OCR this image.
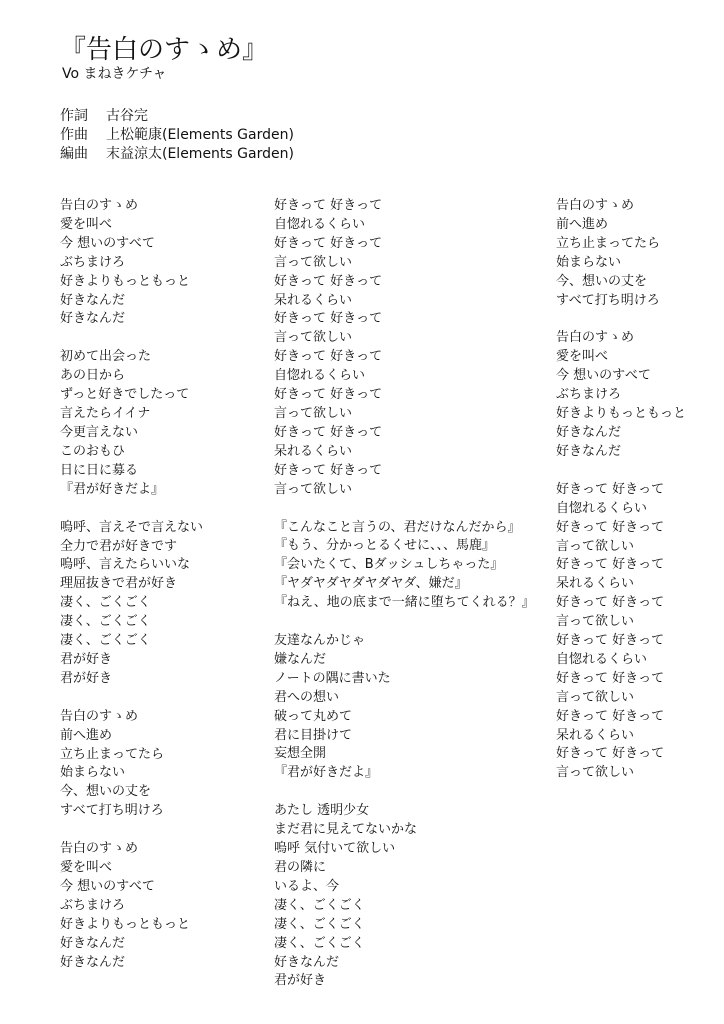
『告白のすゝめ』
Vo まねきケチャ
作詞 古谷完
作曲 上松範康(Elements Garden)
編曲 末益涼太(Elements Garden)
告白のすゝめ
愛を叫べ
今 想いのすべて
ぶちまけろ
好きよりもっともっと
好きなんだ
好きなんだ
初めて出会った
あの日から
ずっと好きでしたって
言えたらイイナ
今更言えない
このおもひ
日に日に募る
『君が好きだよ』
嗚呼、言えそで言えない
全力で君が好きです
嗚呼、言えたらいいな
理屈抜きで君が好き
凄く、ごくごく
凄く、ごくごく
凄く、ごくごく
君が好き
君が好き
告白のすゝめ
前へ進め
立ち止まってたら
始まらない
今、想いの丈を
すべて打ち明けろ
告白のすゝめ
愛を叫べ
今 想いのすべて
ぶちまけろ
好きよりもっともっと
好きなんだ
好きなんだ
好きって 好きって
自惚れるくらい
好きって 好きって
言って欲しい
好きって 好きって
呆れるくらい
好きって 好きって
言って欲しい
好きって 好きって
自惚れるくらい
好きって 好きって
言って欲しい
好きって 好きって
呆れるくらい
好きって 好きって
言って欲しい
『こんなこと言うの、君だけなんだから』
『もう、分かっとるくせに、、、馬鹿』
『会いたくて、Bダッシュしちゃった』
『ヤダヤダヤダヤダヤダ、嫌だ』
『ねえ、地の底まで一緒に堕ちてくれる？』
友達なんかじゃ
嫌なんだ
ノートの隅に書いた
君への想い
破って丸めて
君に目掛けて
妄想全開
『君が好きだよ』
あたし 透明少女
まだ君に見えてないかな
嗚呼 気付いて欲しい
君の隣に
いるよ、今
凄く、ごくごく
凄く、ごくごく
凄く、ごくごく
好きなんだ
君が好き
告白のすゝめ
前へ進め
立ち止まってたら
始まらない
今、想いの丈を
すべて打ち明けろ
告白のすゝめ
愛を叫べ
今 想いのすべて
ぶちまけろ
好きよりもっともっと
好きなんだ
好きなんだ
好きって 好きって
自惚れるくらい
好きって 好きって
言って欲しい
好きって 好きって
呆れるくらい
好きって 好きって
言って欲しい
好きって 好きって
自惚れるくらい
好きって 好きって
言って欲しい
好きって 好きって
呆れるくらい
好きって 好きって
言って欲しい
